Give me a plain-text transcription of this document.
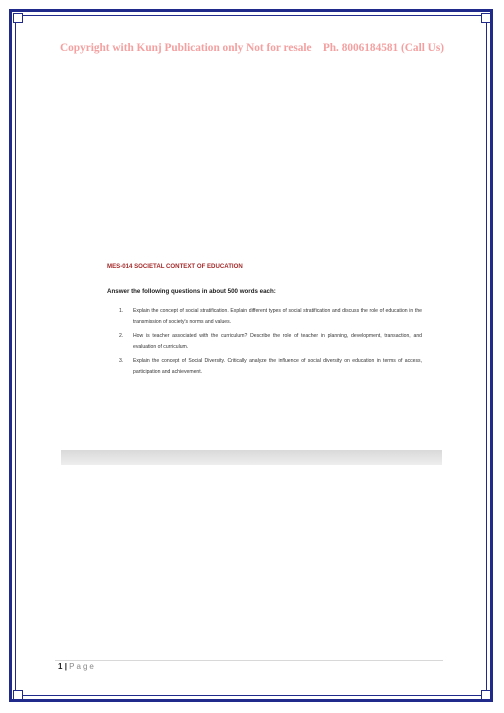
Copyright with Kunj Publication only Not for resale Ph. 8006184581 (Call Us)
MES-014 SOCIETAL CONTEXT OF EDUCATION
Answer the following questions in about 500 words each:
1. Explain the concept of social stratification. Explain different types of social stratification and discuss the role of education in the transmission of society's norms and values.
2. How is teacher associated with the curriculum? Describe the role of teacher in planning, development, transaction, and evaluation of curriculum.
3. Explain the concept of Social Diversity. Critically analyze the influence of social diversity on education in terms of access, participation and achievement.
1 | Page
